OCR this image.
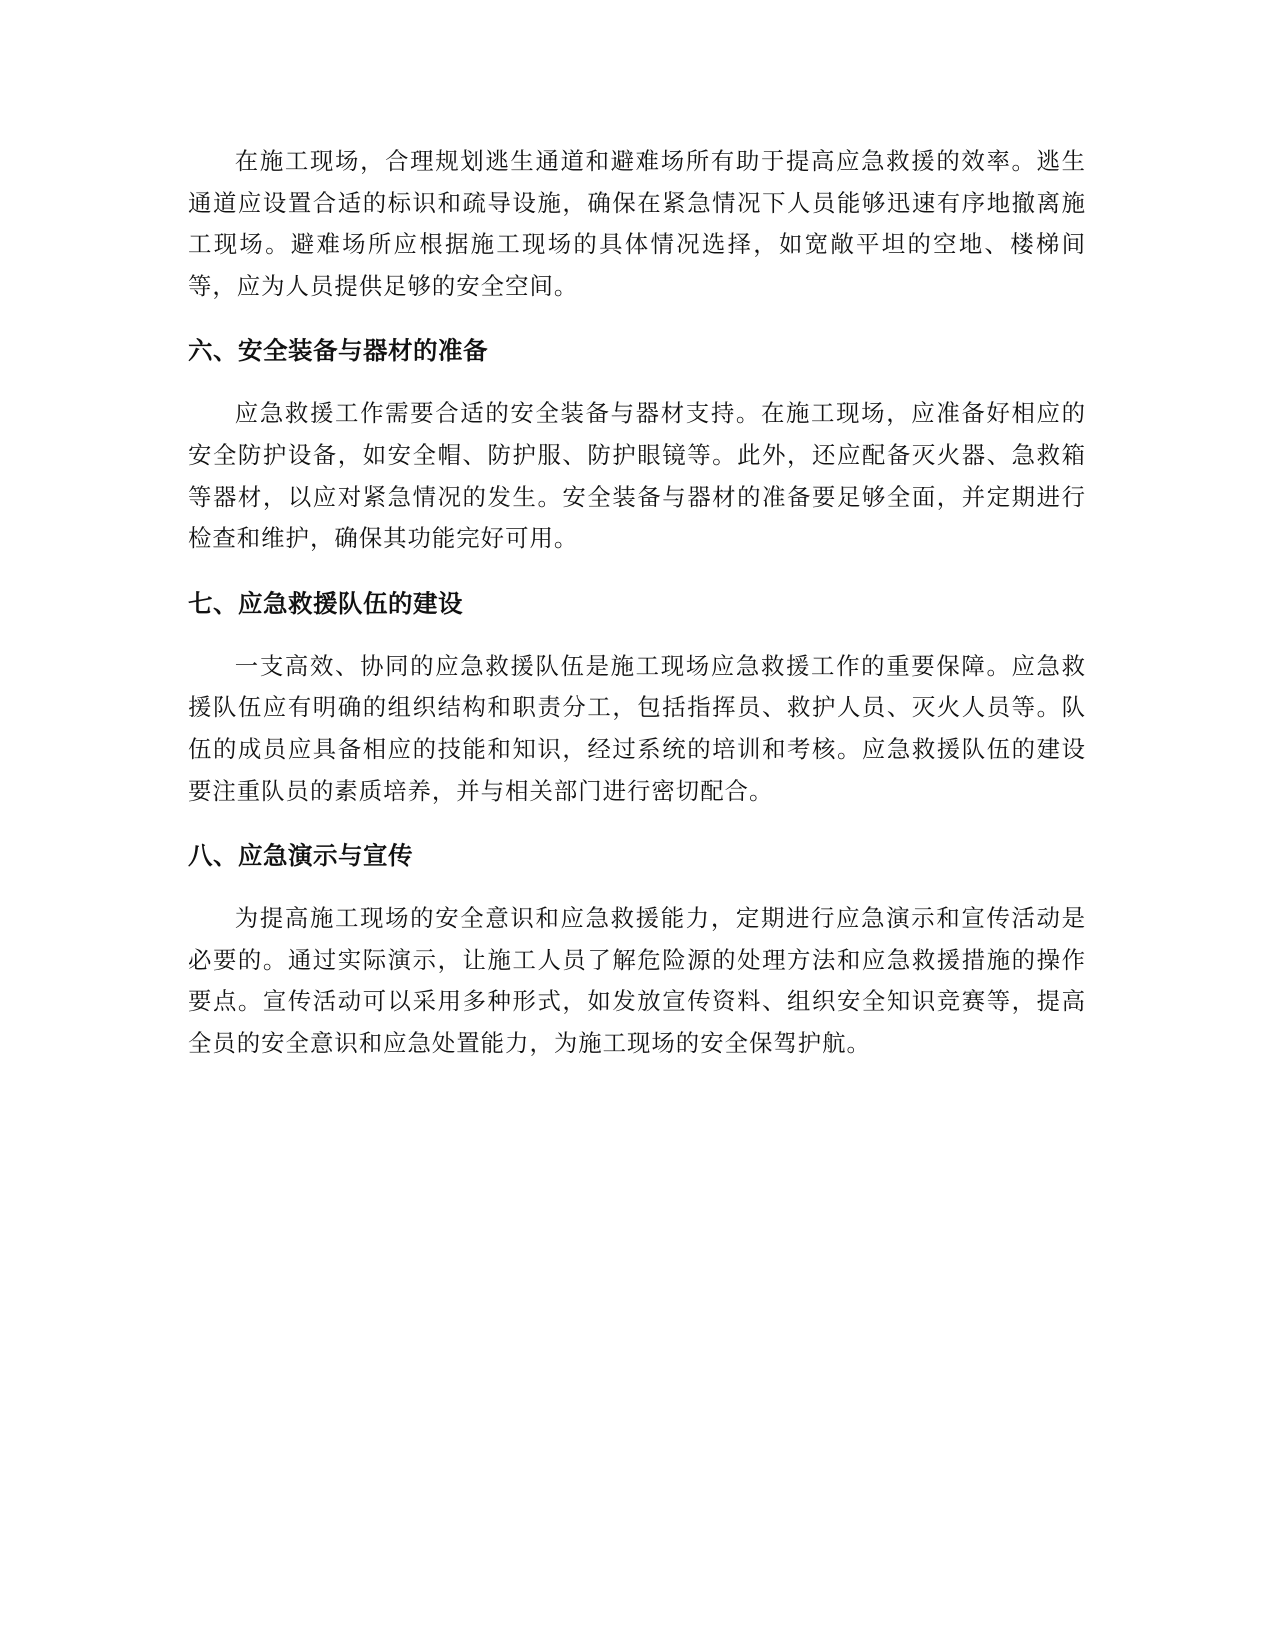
在施工现场，合理规划逃生通道和避难场所有助于提高应急救援的效率。逃生通道应设置合适的标识和疏导设施，确保在紧急情况下人员能够迅速有序地撤离施工现场。避难场所应根据施工现场的具体情况选择，如宽敞平坦的空地、楼梯间等，应为人员提供足够的安全空间。

六、安全装备与器材的准备

应急救援工作需要合适的安全装备与器材支持。在施工现场，应准备好相应的安全防护设备，如安全帽、防护服、防护眼镜等。此外，还应配备灭火器、急救箱等器材，以应对紧急情况的发生。安全装备与器材的准备要足够全面，并定期进行检查和维护，确保其功能完好可用。

七、应急救援队伍的建设

一支高效、协同的应急救援队伍是施工现场应急救援工作的重要保障。应急救援队伍应有明确的组织结构和职责分工，包括指挥员、救护人员、灭火人员等。队伍的成员应具备相应的技能和知识，经过系统的培训和考核。应急救援队伍的建设要注重队员的素质培养，并与相关部门进行密切配合。

八、应急演示与宣传

为提高施工现场的安全意识和应急救援能力，定期进行应急演示和宣传活动是必要的。通过实际演示，让施工人员了解危险源的处理方法和应急救援措施的操作要点。宣传活动可以采用多种形式，如发放宣传资料、组织安全知识竞赛等，提高全员的安全意识和应急处置能力，为施工现场的安全保驾护航。
